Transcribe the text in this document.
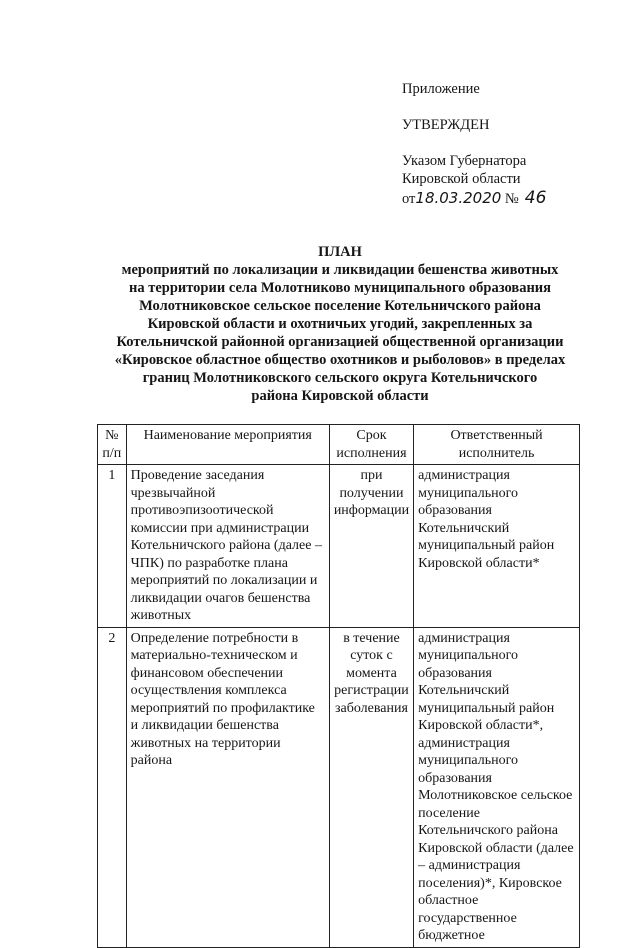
Приложение
УТВЕРЖДЕН
Указом Губернатора
Кировской области
от18.03.2020 № 46
ПЛАН
мероприятий по локализации и ликвидации бешенства животных
на территории села Молотниково муниципального образования
Молотниковское сельское поселение Котельничского района
Кировской области и охотничьих угодий, закрепленных за
Котельничской районной организацией общественной организации
«Кировское областное общество охотников и рыболовов» в пределах
границ Молотниковского сельского округа Котельничского
района Кировской области
№ п/п	Наименование мероприятия	Срок исполнения	Ответственный исполнитель
1	Проведение заседания чрезвычайной противоэпизоотической комиссии при администрации Котельничского района (далее – ЧПК) по разработке плана мероприятий по локализации и ликвидации очагов бешенства животных	при получении информации	администрация муниципального образования Котельничский муниципальный район Кировской области*
2	Определение потребности в материально-техническом и финансовом обеспечении осуществления комплекса мероприятий по профилактике и ликвидации бешенства животных на территории района	в течение суток с момента регистрации заболевания	администрация муниципального образования Котельничский муниципальный район Кировской области*, администрация муниципального образования Молотниковское сельское поселение Котельничского района Кировской области (далее – администрация поселения)*, Кировское областное государственное бюджетное
